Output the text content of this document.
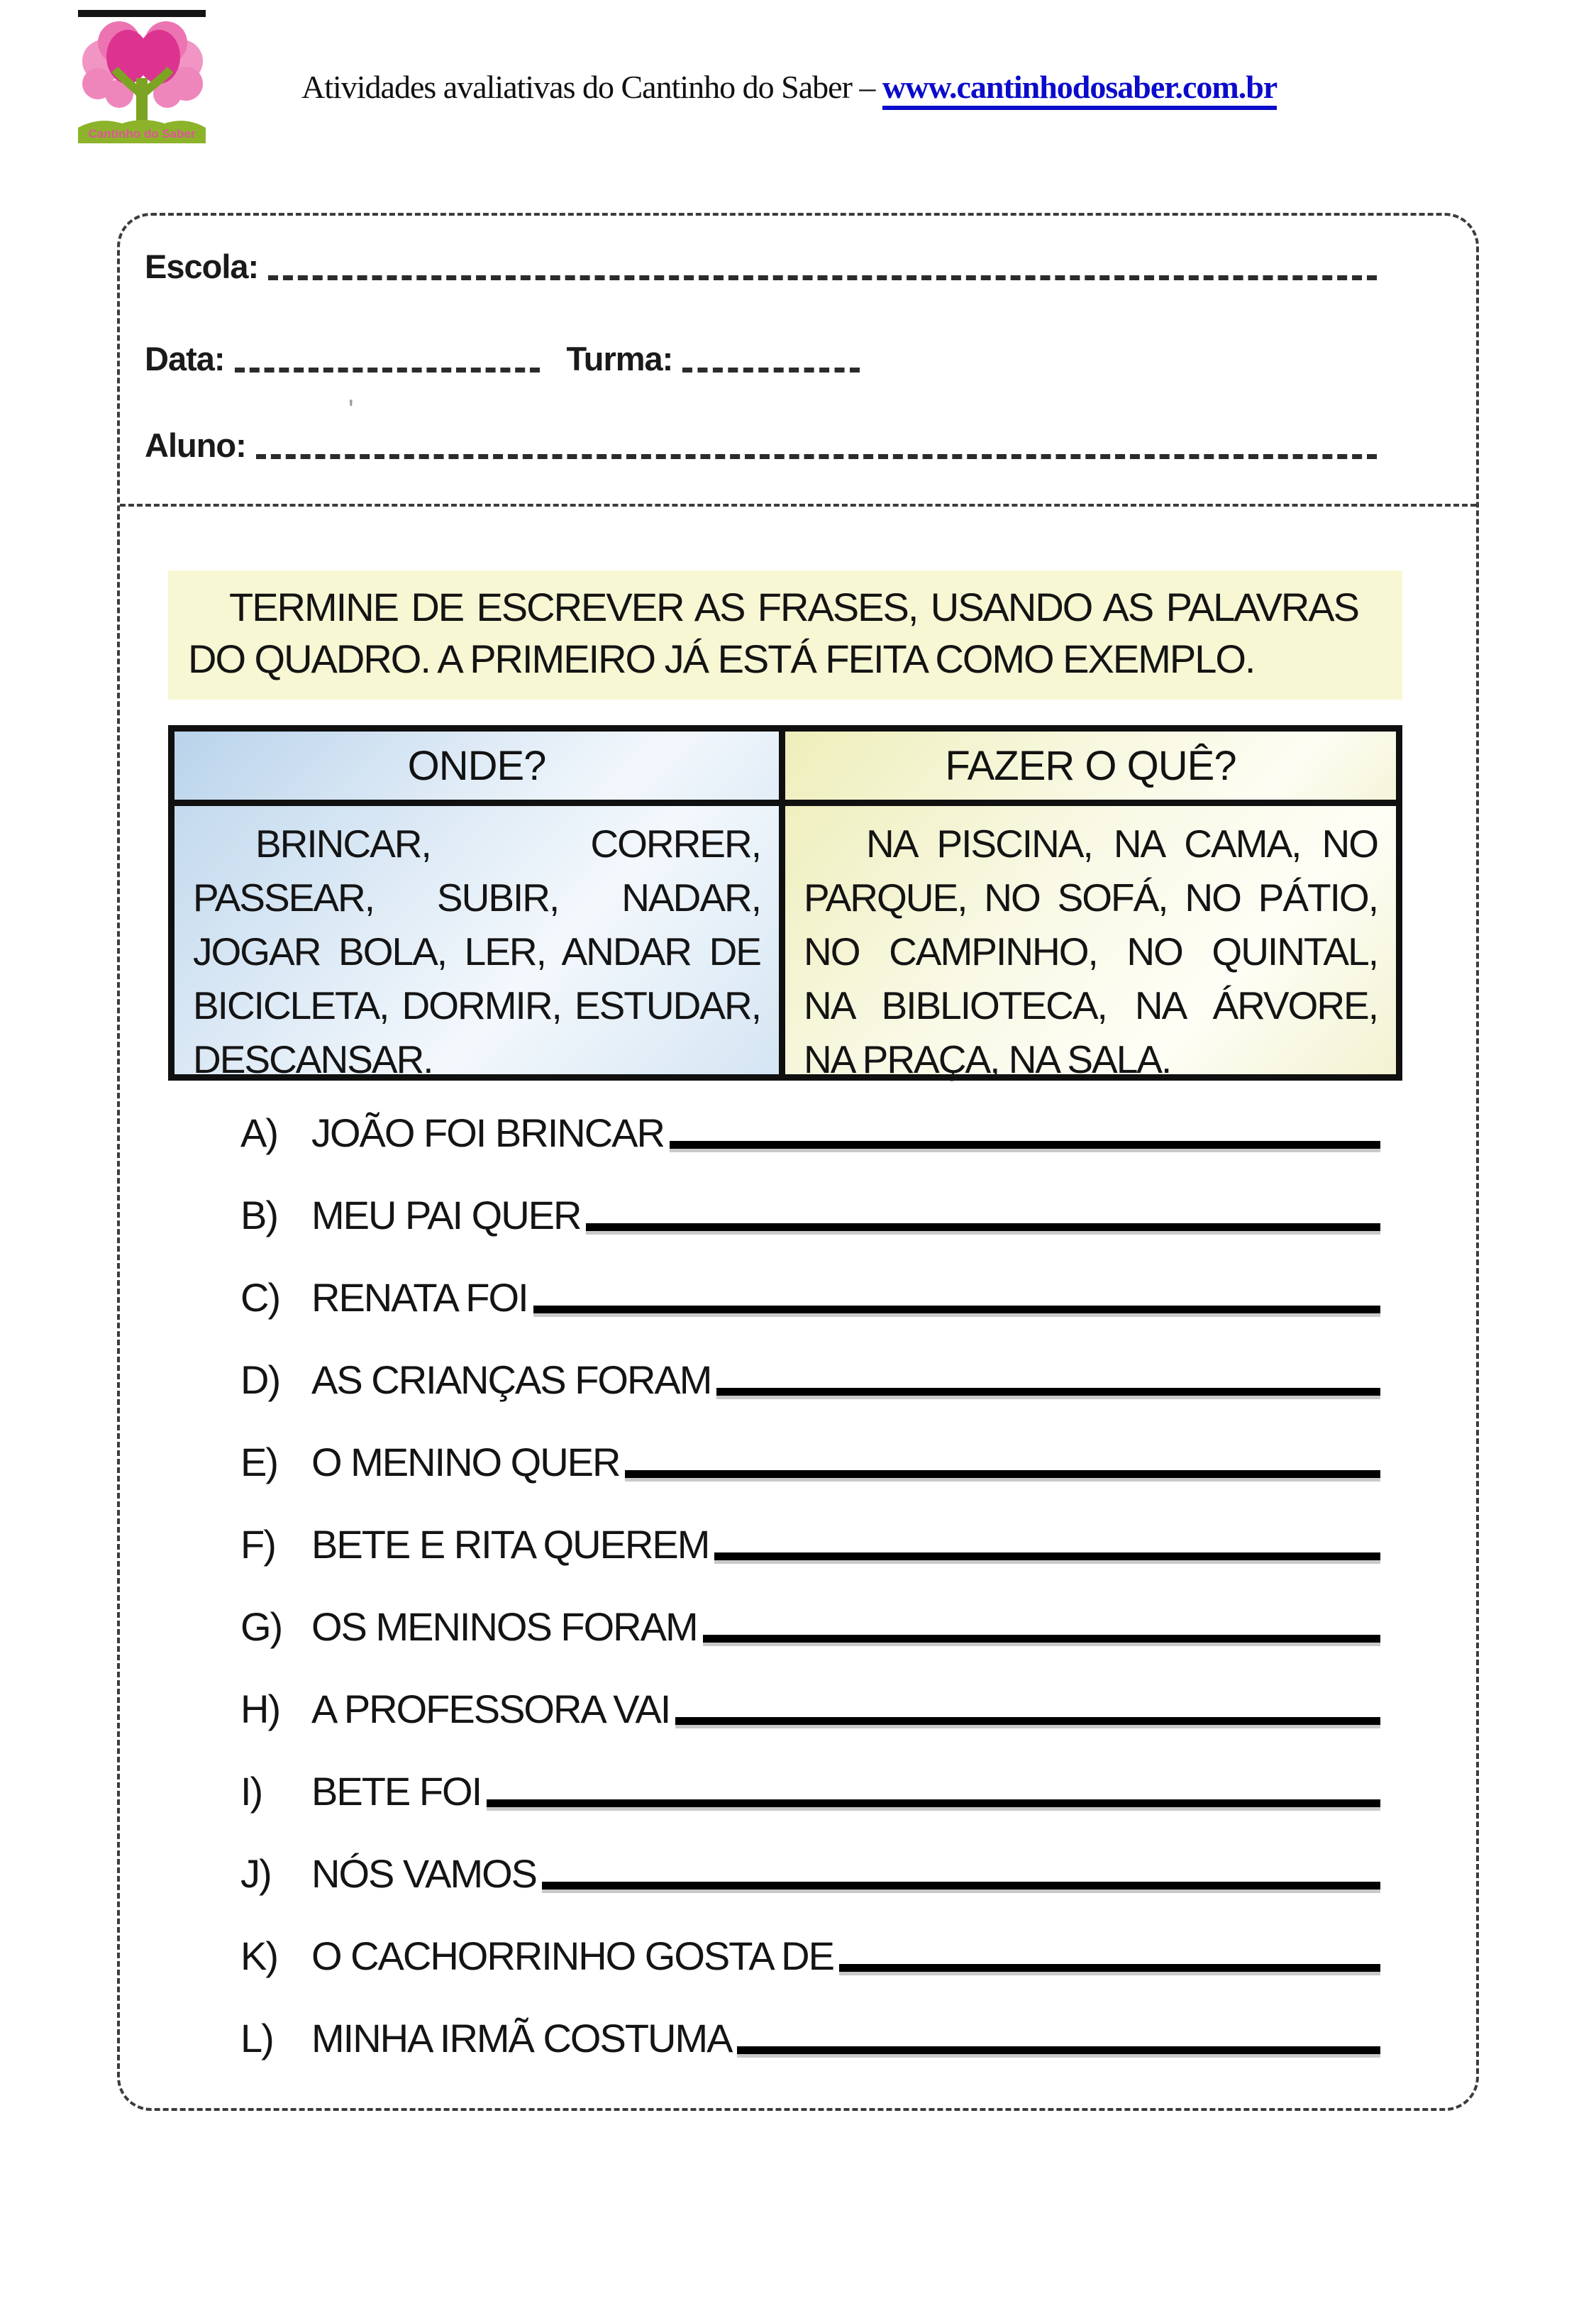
Cantinho do Saber
Atividades avaliativas do Cantinho do Saber – www.cantinhodosaber.com.br
Escola:
Data:	Turma:
'
Aluno:
TERMINE DE ESCREVER AS FRASES, USANDO AS PALAVRAS DO QUADRO. A PRIMEIRO JÁ ESTÁ FEITA COMO EXEMPLO.
ONDE?	FAZER O QUÊ?
BRINCAR, CORRER, PASSEAR, SUBIR, NADAR, JOGAR BOLA, LER, ANDAR DE BICICLETA, DORMIR, ESTUDAR, DESCANSAR.
NA PISCINA, NA CAMA, NO PARQUE, NO SOFÁ, NO PÁTIO, NO CAMPINHO, NO QUINTAL, NA BIBLIOTECA, NA ÁRVORE, NA PRAÇA, NA SALA.
A) JOÃO FOI BRINCAR
B) MEU PAI QUER
C) RENATA FOI
D) AS CRIANÇAS FORAM
E) O MENINO QUER
F) BETE E RITA QUEREM
G) OS MENINOS FORAM
H) A PROFESSORA VAI
I)	BETE FOI
J)	NÓS VAMOS
K) O CACHORRINHO GOSTA DE
L) MINHA IRMÃ COSTUMA
